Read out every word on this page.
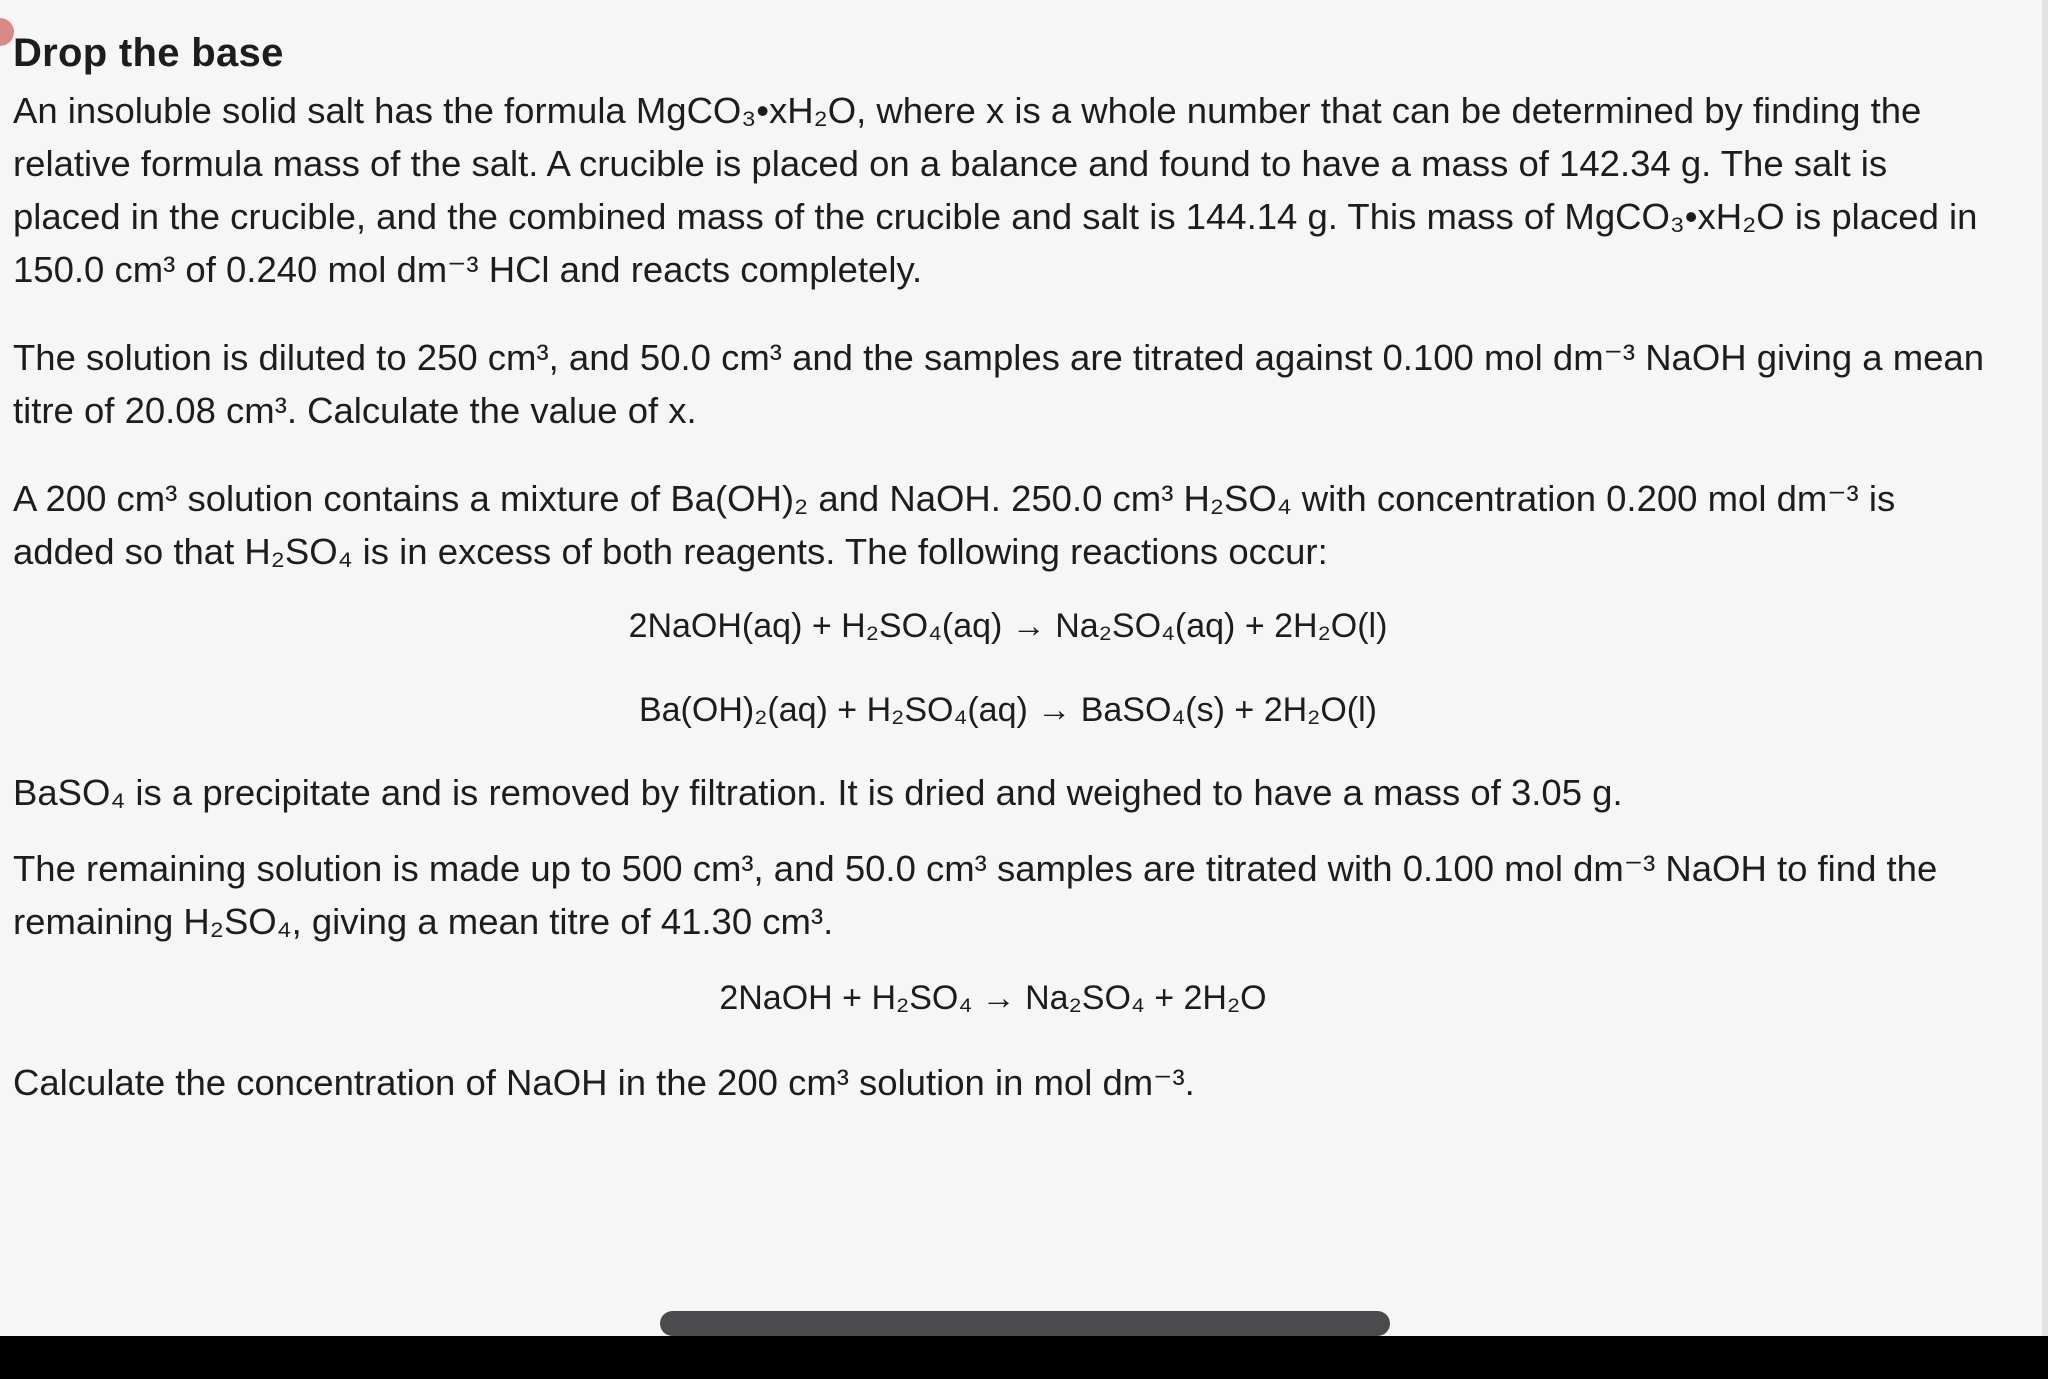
Drop the base

An insoluble solid salt has the formula MgCO₃•xH₂O, where x is a whole number that can be determined by finding the relative formula mass of the salt. A crucible is placed on a balance and found to have a mass of 142.34 g. The salt is placed in the crucible, and the combined mass of the crucible and salt is 144.14 g. This mass of MgCO₃•xH₂O is placed in 150.0 cm³ of 0.240 mol dm⁻³ HCl and reacts completely.

The solution is diluted to 250 cm³, and 50.0 cm³ and the samples are titrated against 0.100 mol dm⁻³ NaOH giving a mean titre of 20.08 cm³. Calculate the value of x.

A 200 cm³ solution contains a mixture of Ba(OH)₂ and NaOH. 250.0 cm³ H₂SO₄ with concentration 0.200 mol dm⁻³ is added so that H₂SO₄ is in excess of both reagents. The following reactions occur:

2NaOH(aq) + H₂SO₄(aq) → Na₂SO₄(aq) + 2H₂O(l)

Ba(OH)₂(aq) + H₂SO₄(aq) → BaSO₄(s) + 2H₂O(l)

BaSO₄ is a precipitate and is removed by filtration. It is dried and weighed to have a mass of 3.05 g.

The remaining solution is made up to 500 cm³, and 50.0 cm³ samples are titrated with 0.100 mol dm⁻³ NaOH to find the remaining H₂SO₄, giving a mean titre of 41.30 cm³.

2NaOH + H₂SO₄ → Na₂SO₄ + 2H₂O

Calculate the concentration of NaOH in the 200 cm³ solution in mol dm⁻³.
